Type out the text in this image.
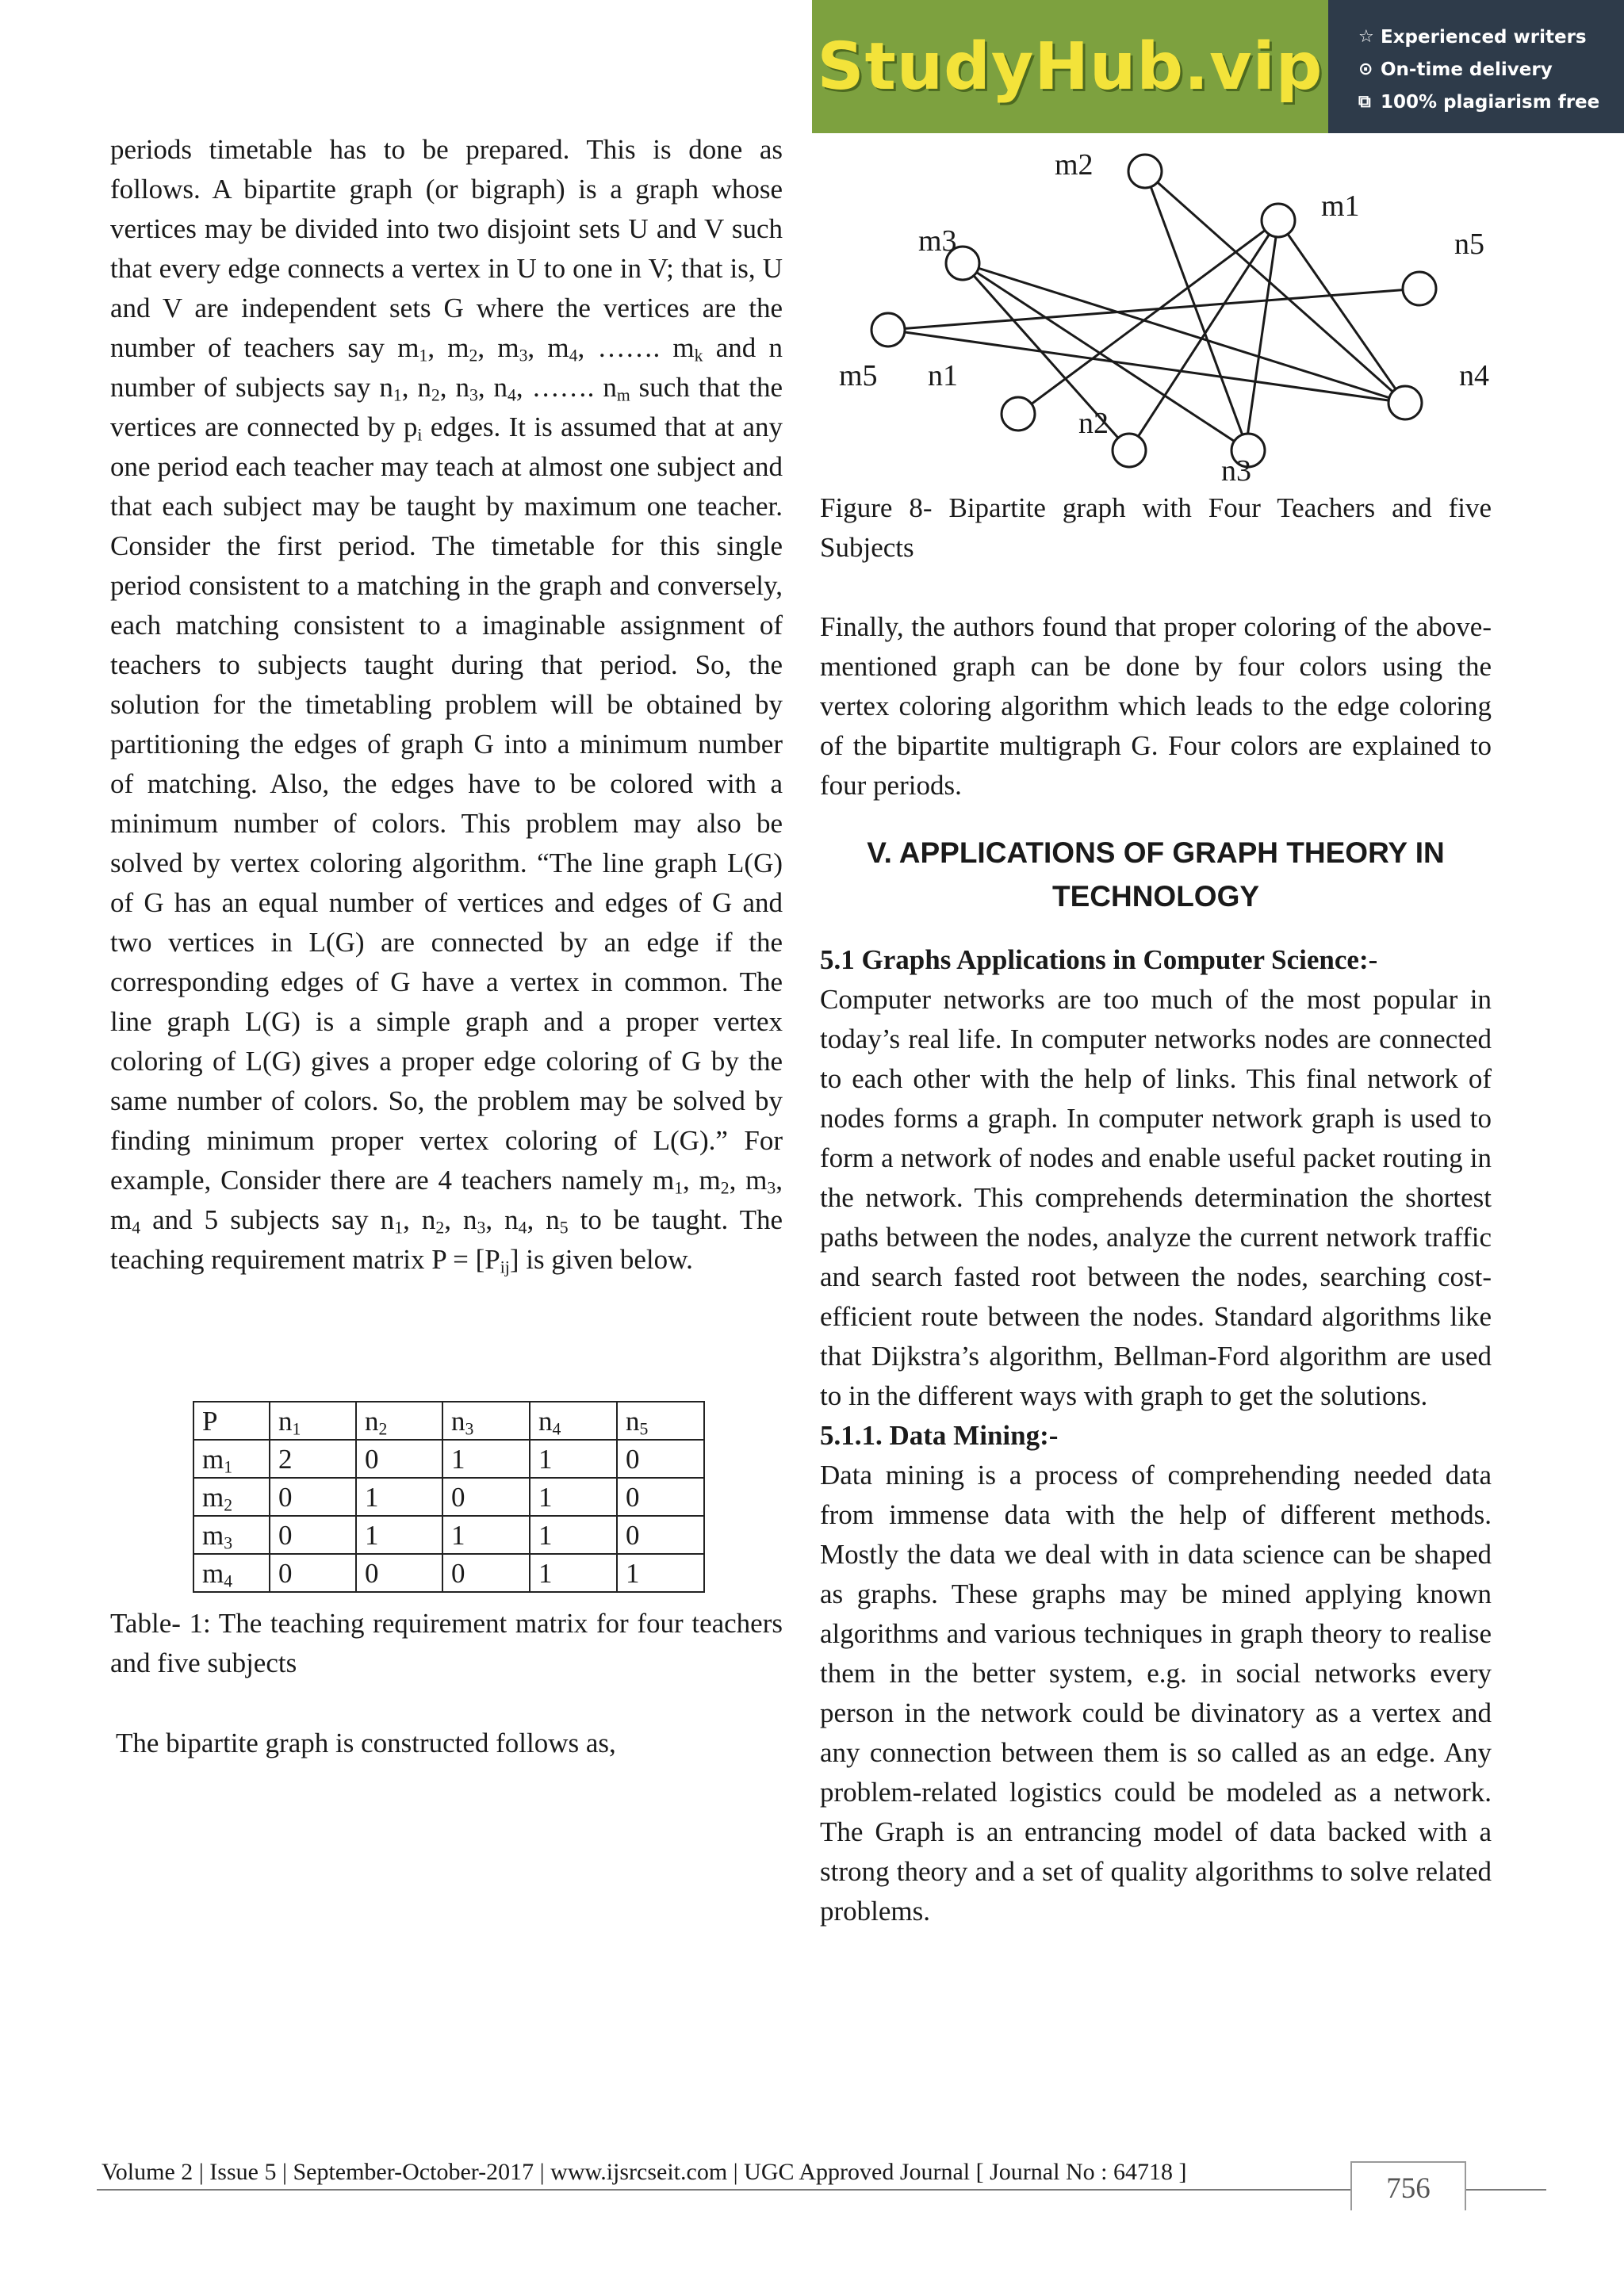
StudyHub.vip ☆ Experienced writers
⊙ On-time delivery
⧉ 100% plagiarism free

periods timetable has to be prepared. This is done as follows. A bipartite graph (or bigraph) is a graph whose vertices may be divided into two disjoint sets U and V such that every edge connects a vertex in U to one in V; that is, U and V are independent sets G where the vertices are the number of teachers say $m_1$, $m_2$, $m_3$, $m_4$, ……. $m_k$ and n number of subjects say $n_1$, $n_2$, $n_3$, $n_4$, ……. $n_m$ such that the vertices are connected by $p_i$ edges. It is assumed that at any one period each teacher may teach at almost one subject and that each subject may be taught by maximum one teacher. Consider the first period. The timetable for this single period consistent to a matching in the graph and conversely, each matching consistent to a imaginable assignment of teachers to subjects taught during that period. So, the solution for the timetabling problem will be obtained by partitioning the edges of graph G into a minimum number of matching. Also, the edges have to be colored with a minimum number of colors. This problem may also be solved by vertex coloring algorithm. “The line graph L(G) of G has an equal number of vertices and edges of G and two vertices in L(G) are connected by an edge if the corresponding edges of G have a vertex in common. The line graph L(G) is a simple graph and a proper vertex coloring of L(G) gives a proper edge coloring of G by the same number of colors. So, the problem may be solved by finding minimum proper vertex coloring of L(G).” For example, Consider there are 4 teachers namely $m_1$, $m_2$, $m_3$, $m_4$ and 5 subjects say $n_1$, $n_2$, $n_3$, $n_4$, $n_5$ to be taught. The teaching requirement matrix $P = [P_{ij}]$ is given below.

P	$n_1$	$n_2$	$n_3$	$n_4$	$n_5$
$m_1$	2	0	1	1	0
$m_2$	0	1	0	1	0
$m_3$	0	1	1	1	0
$m_4$	0	0	0	1	1

Table- 1: The teaching requirement matrix for four teachers and five subjects

The bipartite graph is constructed follows as,
m2
m1
m3	n5
m5 n1	n4
n2
n3

Figure 8- Bipartite graph with Four Teachers and five Subjects

Finally, the authors found that proper coloring of the above-mentioned graph can be done by four colors using the vertex coloring algorithm which leads to the edge coloring of the bipartite multigraph G. Four colors are explained to four periods.

V. APPLICATIONS OF GRAPH THEORY IN
TECHNOLOGY

5.1 Graphs Applications in Computer Science:-

Computer networks are too much of the most popular in today’s real life. In computer networks nodes are connected to each other with the help of links. This final network of nodes forms a graph. In computer network graph is used to form a network of nodes and enable useful packet routing in the network. This comprehends determination the shortest paths between the nodes, analyze the current network traffic and search fasted root between the nodes, searching cost-efficient route between the nodes. Standard algorithms like that Dijkstra’s algorithm, Bellman-Ford algorithm are used to in the different ways with graph to get the solutions.

5.1.1. Data Mining:-

Data mining is a process of comprehending needed data from immense data with the help of different methods. Mostly the data we deal with in data science can be shaped as graphs. These graphs may be mined applying known algorithms and various techniques in graph theory to realise them in the better system, e.g. in social networks every person in the network could be divinatory as a vertex and any connection between them is so called as an edge. Any problem-related logistics could be modeled as a network. The Graph is an entrancing model of data backed with a strong theory and a set of quality algorithms to solve related problems.

Volume 2 | Issue 5 | September-October-2017 | www.ijsrcseit.com | UGC Approved Journal [ Journal No : 64718 ]
756
